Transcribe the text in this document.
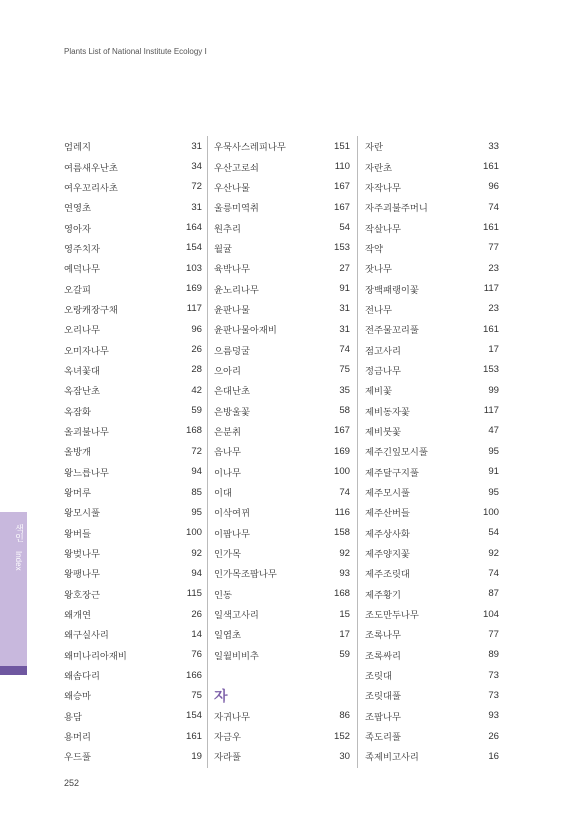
Plants List of National Institute Ecology Ⅰ
엄레지	31
여름새우난초	34
여우꼬리사초	72
연영초	31
영아자	164
영주치자	154
예덕나무	103
오갈피	169
오랑캐장구채	117
오리나무	96
오미자나무	26
옥녀꽃대	28
옥잠난초	42
옥잠화	59
올괴불나무	168
올방개	72
왕느릅나무	94
왕머루	85
왕모시풀	95
왕버들	100
왕벚나무	92
왕팽나무	94
왕호장근	115
왜개연	26
왜구실사리	14
왜미나리아재비	76
왜솜다리	166
왜승마	75
용담	154
용머리	161
우드풀	19
우묵사스레피나무	151
우산고로쇠	110
우산나물	167
울릉미역취	167
원추리	54
월귤	153
육박나무	27
윤노리나무	91
윤판나물	31
윤판나물아재비	31
으름덩굴	74
으아리	75
은대난초	35
은방울꽃	58
은분취	167
음나무	169
이나무	100
이대	74
이삭여뀌	116
이팝나무	158
인가목	92
인가목조팝나무	93
인동	168
일색고사리	15
일엽초	17
일월비비추	59
자
자귀나무	86
자금우	152
자라풀	30
자란	33
자란초	161
자작나무	96
자주괴불주머니	74
작살나무	161
작약	77
잣나무	23
장백패랭이꽃	117
전나무	23
전주물꼬리풀	161
점고사리	17
정금나무	153
제비꽃	99
제비동자꽃	117
제비붓꽃	47
제주긴잎모시풀	95
제주달구지풀	91
제주모시풀	95
제주산버들	100
제주상사화	54
제주양지꽃	92
제주조릿대	74
제주황기	87
조도만두나무	104
조록나무	77
조록싸리	89
조릿대	73
조릿대풀	73
조팝나무	93
족도리풀	26
족제비고사리	16
색인 Index
252
